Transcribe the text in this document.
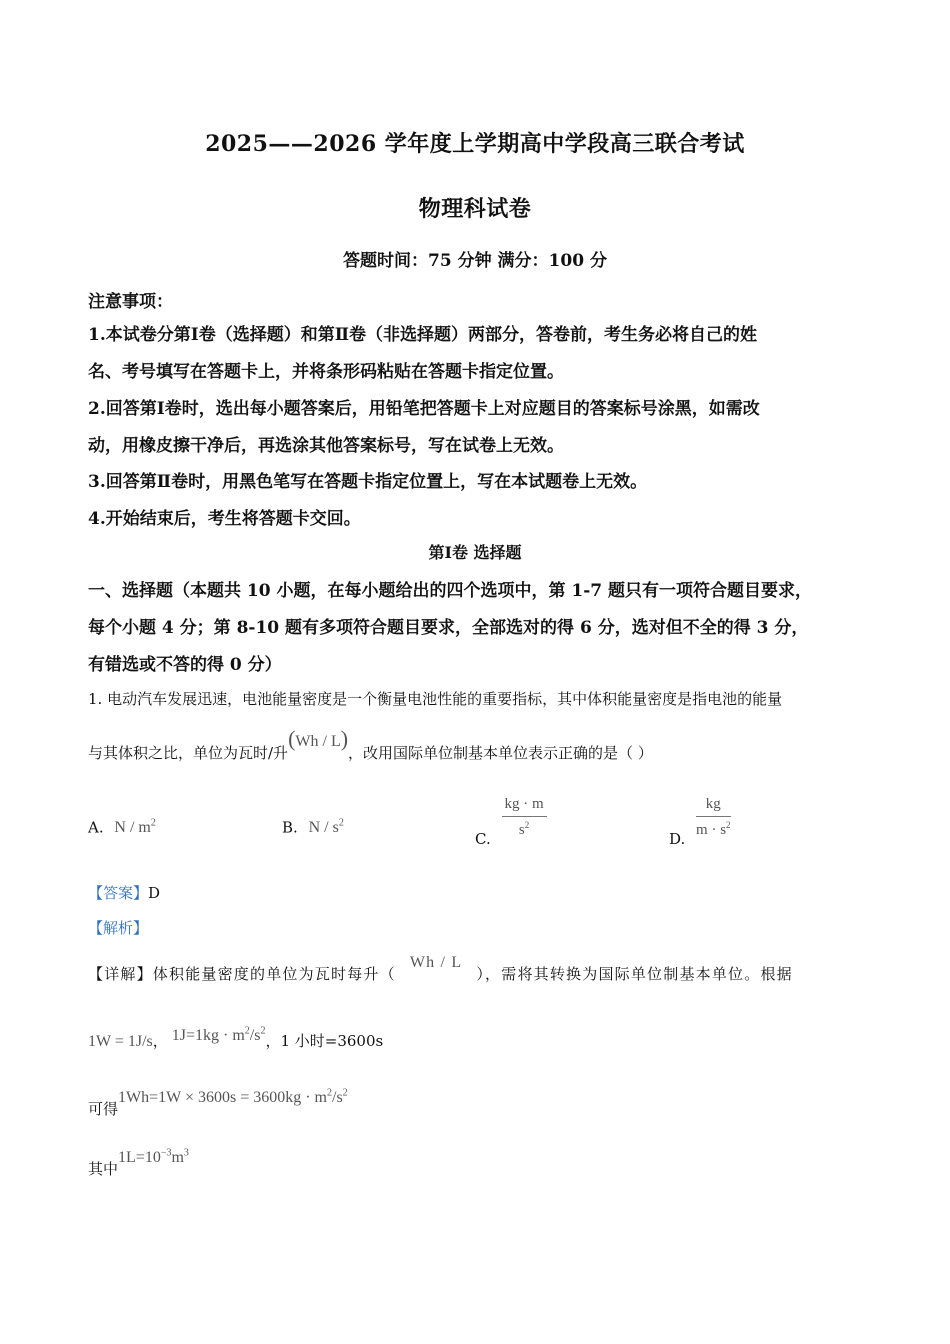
2025——2026 学年度上学期高中学段高三联合考试
物理科试卷
答题时间：75 分钟 满分：100 分
注意事项：
1.本试卷分第Ⅰ卷（选择题）和第Ⅱ卷（非选择题）两部分，答卷前，考生务必将自己的姓
名、考号填写在答题卡上，并将条形码粘贴在答题卡指定位置。
2.回答第Ⅰ卷时，选出每小题答案后，用铅笔把答题卡上对应题目的答案标号涂黑，如需改
动，用橡皮擦干净后，再选涂其他答案标号，写在试卷上无效。
3.回答第Ⅱ卷时，用黑色笔写在答题卡指定位置上，写在本试题卷上无效。
4.开始结束后，考生将答题卡交回。
第Ⅰ卷 选择题
一、选择题（本题共 10 小题，在每小题给出的四个选项中，第 1-7 题只有一项符合题目要求，
每个小题 4 分；第 8-10 题有多项符合题目要求，全部选对的得 6 分，选对但不全的得 3 分，
有错选或不答的得 0 分）
1. 电动汽车发展迅速，电池能量密度是一个衡量电池性能的重要指标，其中体积能量密度是指电池的能量
与其体积之比，单位为瓦时/升(Wh / L)，改用国际单位制基本单位表示正确的是（ ）
A. N / $m^2$	B. N / $s^2$
C. $\frac{kg \cdot m}{s^2}$	D. $\frac{kg}{m \cdot s^2}$
【答案】D
【解析】
【详解】体积能量密度的单位为瓦时每升（Wh / L），需将其转换为国际单位制基本单位。根据
1W = 1J/s， $1J=1kg \cdot m^2/s^2$，1 小时=3600s
可得$1Wh=1W \times 3600s = 3600kg \cdot m^2/s^2$
其中$1L=10^{-3}m^3$
